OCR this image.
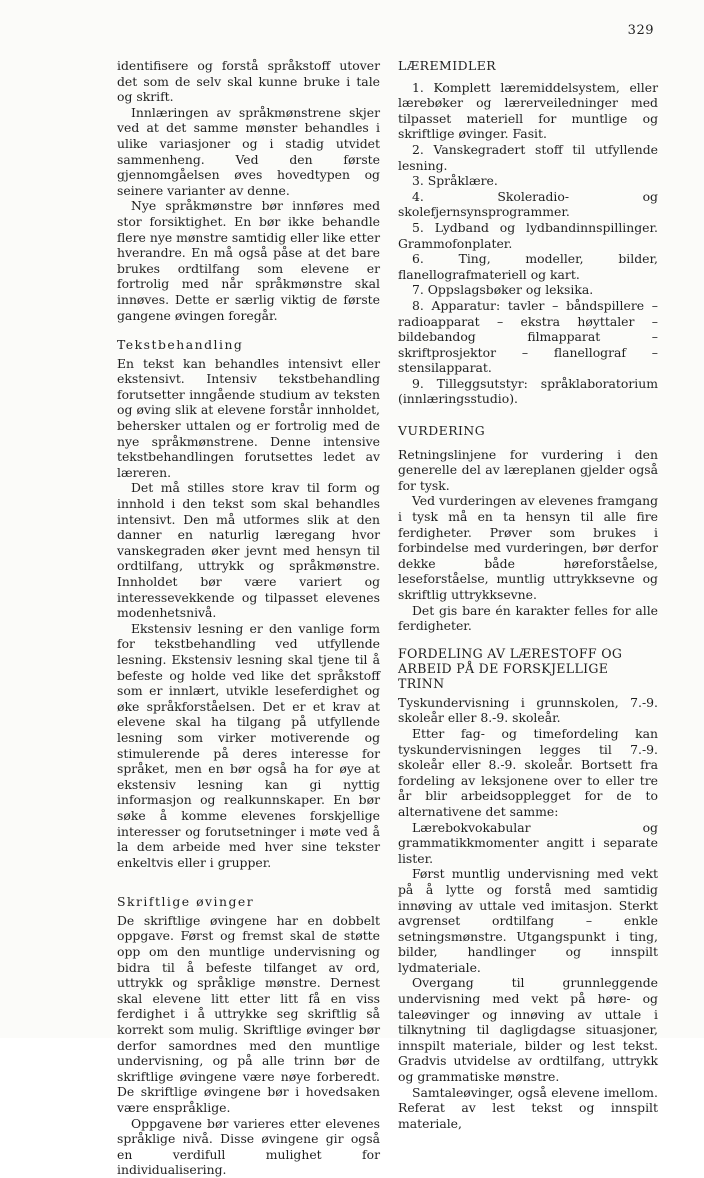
329

identifisere og forstå språkstoff utover det som de selv skal kunne bruke i tale og skrift.

Innlæringen av språkmønstrene skjer ved at det samme mønster behandles i ulike variasjoner og i stadig utvidet sammenheng. Ved den første gjennomgåelsen øves hovedtypen og seinere varianter av denne.

Nye språkmønstre bør innføres med stor forsiktighet. En bør ikke behandle flere nye mønstre samtidig eller like etter hverandre. En må også påse at det bare brukes ordtilfang som elevene er fortrolig med når språkmønstre skal innøves. Dette er særlig viktig de første gangene øvingen foregår.

Tekstbehandling

En tekst kan behandles intensivt eller ekstensivt. Intensiv tekstbehandling forutsetter inngående studium av teksten og øving slik at elevene forstår innholdet, behersker uttalen og er fortrolig med de nye språkmønstrene. Denne intensive tekstbehandlingen forutsettes ledet av læreren.

Det må stilles store krav til form og innhold i den tekst som skal behandles intensivt. Den må utformes slik at den danner en naturlig læregang hvor vanskegraden øker jevnt med hensyn til ordtilfang, uttrykk og språkmønstre. Innholdet bør være variert og interessevekkende og tilpasset elevenes modenhetsnivå.

Ekstensiv lesning er den vanlige form for tekstbehandling ved utfyllende lesning. Ekstensiv lesning skal tjene til å befeste og holde ved like det språkstoff som er innlært, utvikle leseferdighet og øke språkforståelsen. Det er et krav at elevene skal ha tilgang på utfyllende lesning som virker motiverende og stimulerende på deres interesse for språket, men en bør også ha for øye at ekstensiv lesning kan gi nyttig informasjon og realkunnskaper. En bør søke å komme elevenes forskjellige interesser og forutsetninger i møte ved å la dem arbeide med hver sine tekster enkeltvis eller i grupper.

Skriftlige øvinger

De skriftlige øvingene har en dobbelt oppgave. Først og fremst skal de støtte opp om den muntlige undervisning og bidra til å befeste tilfanget av ord, uttrykk og språklige mønstre. Dernest skal elevene litt etter litt få en viss ferdighet i å uttrykke seg skriftlig så korrekt som mulig. Skriftlige øvinger bør derfor samordnes med den muntlige undervisning, og på alle trinn bør de skriftlige øvingene være nøye forberedt. De skriftlige øvingene bør i hovedsaken være enspråklige.

Oppgavene bør varieres etter elevenes språklige nivå. Disse øvingene gir også en verdifull mulighet for individualisering.

LÆREMIDLER

1. Komplett læremiddelsystem, eller lærebøker og lærerveiledninger med tilpasset materiell for muntlige og skriftlige øvinger. Fasit.

2. Vanskegradert stoff til utfyllende lesning.

3. Språklære.

4. Skoleradio- og skolefjernsynsprogrammer.

5. Lydband og lydbandinnspillinger. Grammofonplater.

6. Ting, modeller, bilder, flanellografmateriell og kart.

7. Oppslagsbøker og leksika.

8. Apparatur: tavler – båndspillere – radioapparat – ekstra høyttaler – bildebandog filmapparat – skriftprosjektor – flanellograf – stensilapparat.

9. Tilleggsutstyr: språklaboratorium (innlæringsstudio).

VURDERING

Retningslinjene for vurdering i den generelle del av læreplanen gjelder også for tysk.

Ved vurderingen av elevenes framgang i tysk må en ta hensyn til alle fire ferdigheter. Prøver som brukes i forbindelse med vurderingen, bør derfor dekke både høreforståelse, leseforståelse, muntlig uttrykksevne og skriftlig uttrykksevne.

Det gis bare én karakter felles for alle ferdigheter.

FORDELING AV LÆRESTOFF OG
ARBEID PÅ DE FORSKJELLIGE
TRINN

Tyskundervisning i grunnskolen, 7.-9. skoleår eller 8.-9. skoleår.

Etter fag- og timefordeling kan tyskundervisningen legges til 7.-9. skoleår eller 8.-9. skoleår. Bortsett fra fordeling av leksjonene over to eller tre år blir arbeidsopplegget for de to alternativene det samme:

Lærebokvokabular og grammatikkmomenter angitt i separate lister.

Først muntlig undervisning med vekt på å lytte og forstå med samtidig innøving av uttale ved imitasjon. Sterkt avgrenset ordtilfang – enkle setningsmønstre. Utgangspunkt i ting, bilder, handlinger og innspilt lydmateriale.

Overgang til grunnleggende undervisning med vekt på høre- og taleøvinger og innøving av uttale i tilknytning til dagligdagse situasjoner, innspilt materiale, bilder og lest tekst. Gradvis utvidelse av ordtilfang, uttrykk og grammatiske mønstre.

Samtaleøvinger, også elevene imellom. Referat av lest tekst og innspilt materiale,
